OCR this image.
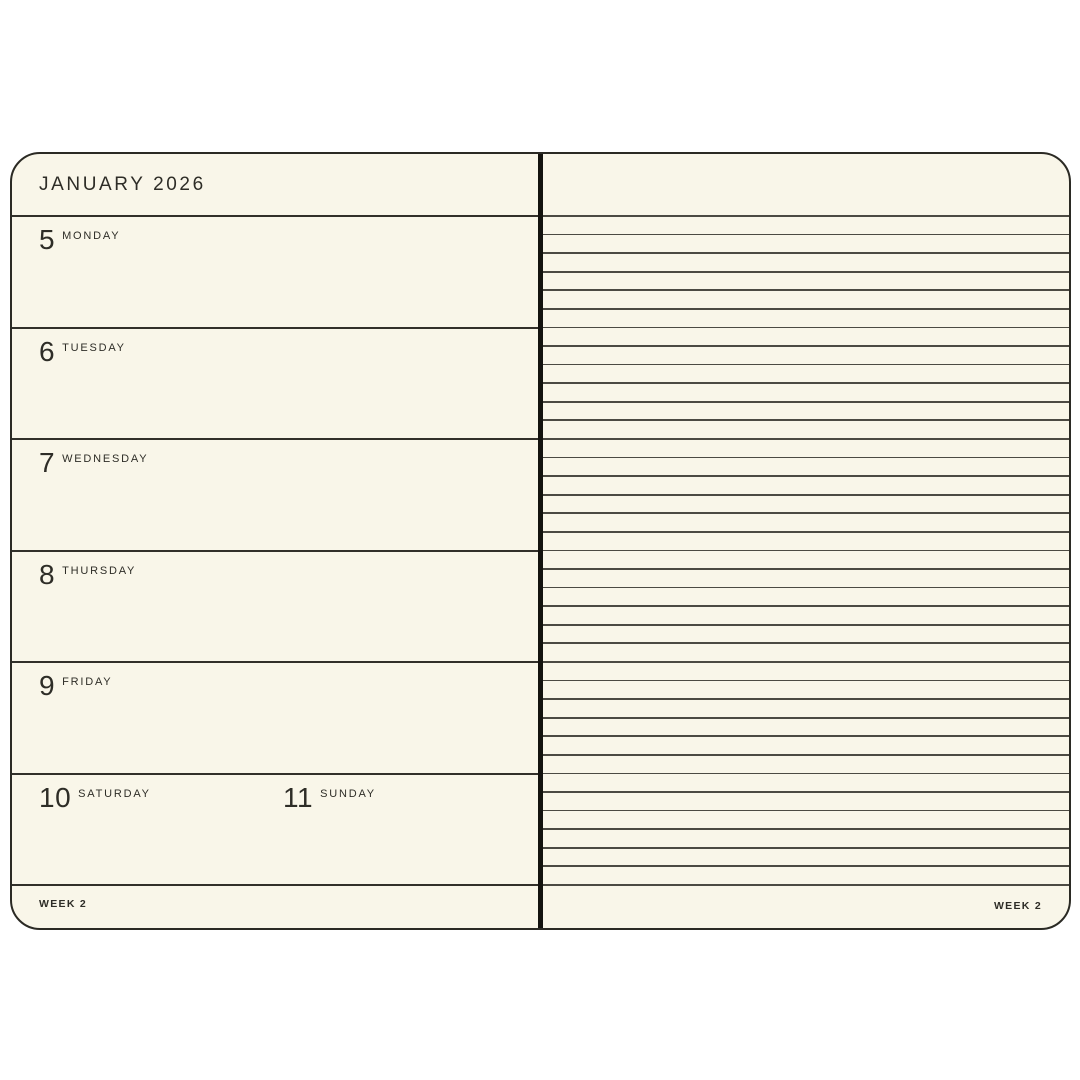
JANUARY 2026
5 MONDAY
6 TUESDAY
7 WEDNESDAY
8 THURSDAY
9 FRIDAY
10 SATURDAY	11 SUNDAY
WEEK 2	WEEK 2
